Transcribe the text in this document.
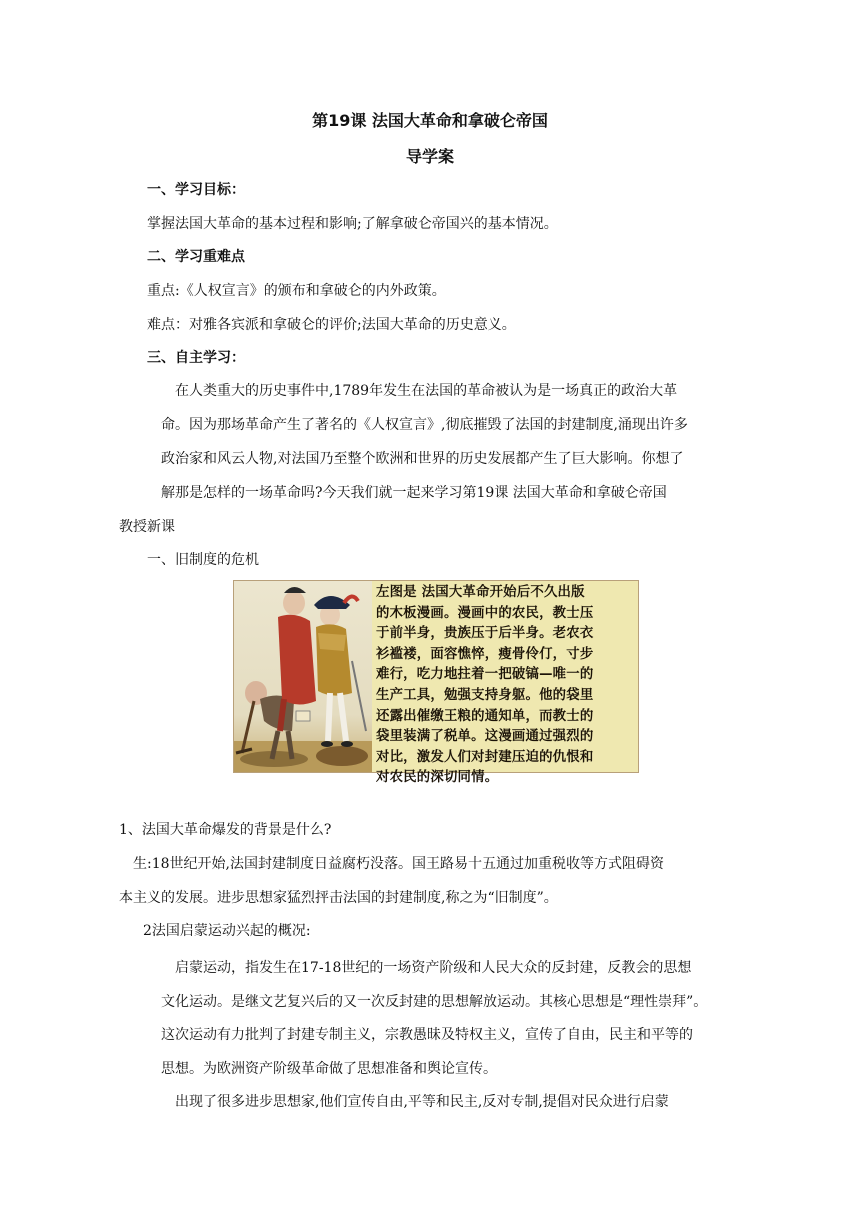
第19课 法国大革命和拿破仑帝国

导学案

一、学习目标：

掌握法国大革命的基本过程和影响;了解拿破仑帝国兴的基本情况。

二、学习重难点

重点:《人权宣言》的颁布和拿破仑的内外政策。

难点：对雅各宾派和拿破仑的评价;法国大革命的历史意义。

三、自主学习：

在人类重大的历史事件中,1789年发生在法国的革命被认为是一场真正的政治大革

命。因为那场革命产生了著名的《人权宣言》,彻底摧毁了法国的封建制度,涌现出许多

政治家和风云人物,对法国乃至整个欧洲和世界的历史发展都产生了巨大影响。你想了

解那是怎样的一场革命吗?今天我们就一起来学习第19课 法国大革命和拿破仑帝国

教授新课

一、旧制度的危机

左图是 法国大革命开始后不久出版
的木板漫画。漫画中的农民，教士压
于前半身，贵族压于后半身。老农衣
衫褴褛，面容憔悴，瘦骨伶仃，寸步
难行，吃力地拄着一把破镐—唯一的
生产工具，勉强支持身躯。他的袋里
还露出催缴王粮的通知单，而教士的
袋里装满了税单。这漫画通过强烈的
对比，激发人们对封建压迫的仇恨和
对农民的深切同情。

1、法国大革命爆发的背景是什么?

生:18世纪开始,法国封建制度日益腐朽没落。国王路易十五通过加重税收等方式阻碍资

本主义的发展。进步思想家猛烈抨击法国的封建制度,称之为“旧制度”。

2法国启蒙运动兴起的概况:

启蒙运动，指发生在17-18世纪的一场资产阶级和人民大众的反封建，反教会的思想

文化运动。是继文艺复兴后的又一次反封建的思想解放运动。其核心思想是“理性崇拜”。

这次运动有力批判了封建专制主义，宗教愚昧及特权主义，宣传了自由，民主和平等的

思想。为欧洲资产阶级革命做了思想准备和舆论宣传。

出现了很多进步思想家,他们宣传自由,平等和民主,反对专制,提倡对民众进行启蒙
